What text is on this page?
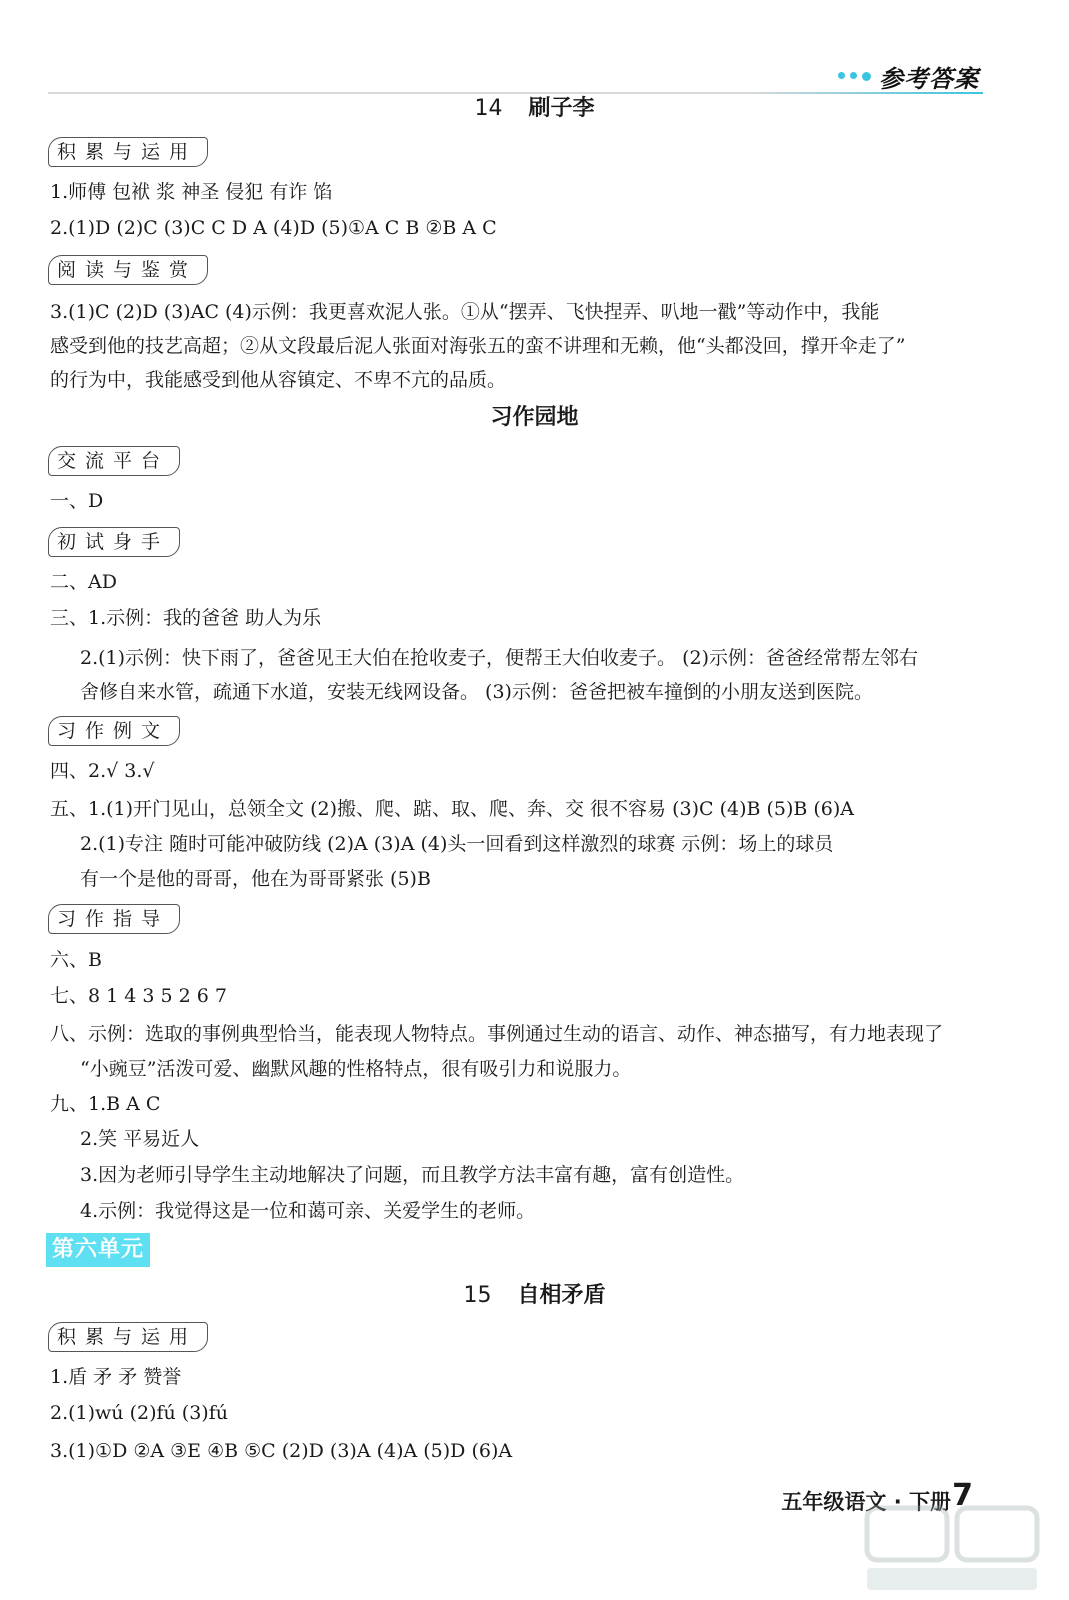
参考答案
14 刷子李
积累与运用
1.师傅 包袱 浆 神圣 侵犯 有诈 馅
2.(1)D (2)C (3)C C D A (4)D (5)①A C B ②B A C
阅读与鉴赏
3.(1)C (2)D (3)AC (4)示例：我更喜欢泥人张。①从“摆弄、飞快捏弄、叭地一戳”等动作中，我能
感受到他的技艺高超；②从文段最后泥人张面对海张五的蛮不讲理和无赖，他“头都没回，撑开伞走了”
的行为中，我能感受到他从容镇定、不卑不亢的品质。
习作园地
交流平台
一、D
初试身手
二、AD
三、1.示例：我的爸爸 助人为乐
2.(1)示例：快下雨了，爸爸见王大伯在抢收麦子，便帮王大伯收麦子。 (2)示例：爸爸经常帮左邻右
舍修自来水管，疏通下水道，安装无线网设备。 (3)示例：爸爸把被车撞倒的小朋友送到医院。
习作例文
四、2.√ 3.√
五、1.(1)开门见山，总领全文 (2)搬、爬、踮、取、爬、奔、交 很不容易 (3)C (4)B (5)B (6)A
2.(1)专注 随时可能冲破防线 (2)A (3)A (4)头一回看到这样激烈的球赛 示例：场上的球员
有一个是他的哥哥，他在为哥哥紧张 (5)B
习作指导
六、B
七、8 1 4 3 5 2 6 7
八、示例：选取的事例典型恰当，能表现人物特点。事例通过生动的语言、动作、神态描写，有力地表现了
“小豌豆”活泼可爱、幽默风趣的性格特点，很有吸引力和说服力。
九、1.B A C
2.笑 平易近人
3.因为老师引导学生主动地解决了问题，而且教学方法丰富有趣，富有创造性。
4.示例：我觉得这是一位和蔼可亲、关爱学生的老师。
第六单元
15 自相矛盾
积累与运用
1.盾 矛 矛 赞誉
2.(1)wú (2)fú (3)fú
3.(1)①D ②A ③E ④B ⑤C (2)D (3)A (4)A (5)D (6)A
五年级语文 · 下册 7
